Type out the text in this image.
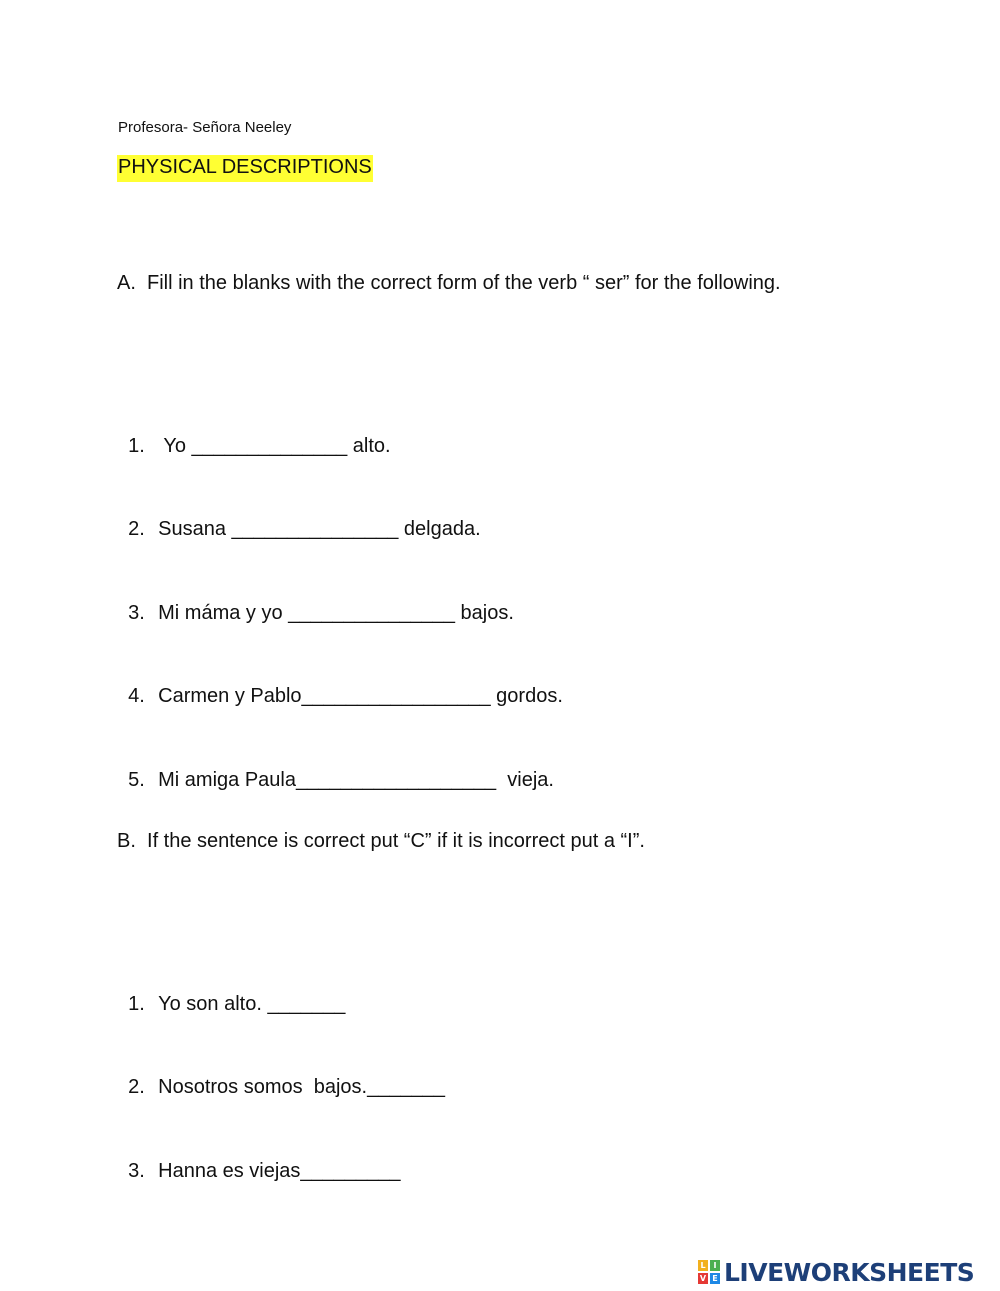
Profesora- Señora Neeley
PHYSICAL DESCRIPTIONS
A.  Fill in the blanks with the correct form of the verb “ ser” for the following.

1. Yo ______________ alto.

2. Susana _______________ delgada.

3. Mi máma y yo _______________ bajos.

4. Carmen y Pablo_________________ gordos.

5. Mi amiga Paula__________________  vieja.

B.  If the sentence is correct put “C” if it is incorrect put a “I”.

1. Yo son alto. _______

2. Nosotros somos  bajos._______

3. Hanna es viejas_________

L I
V E LIVEWORKSHEETS
